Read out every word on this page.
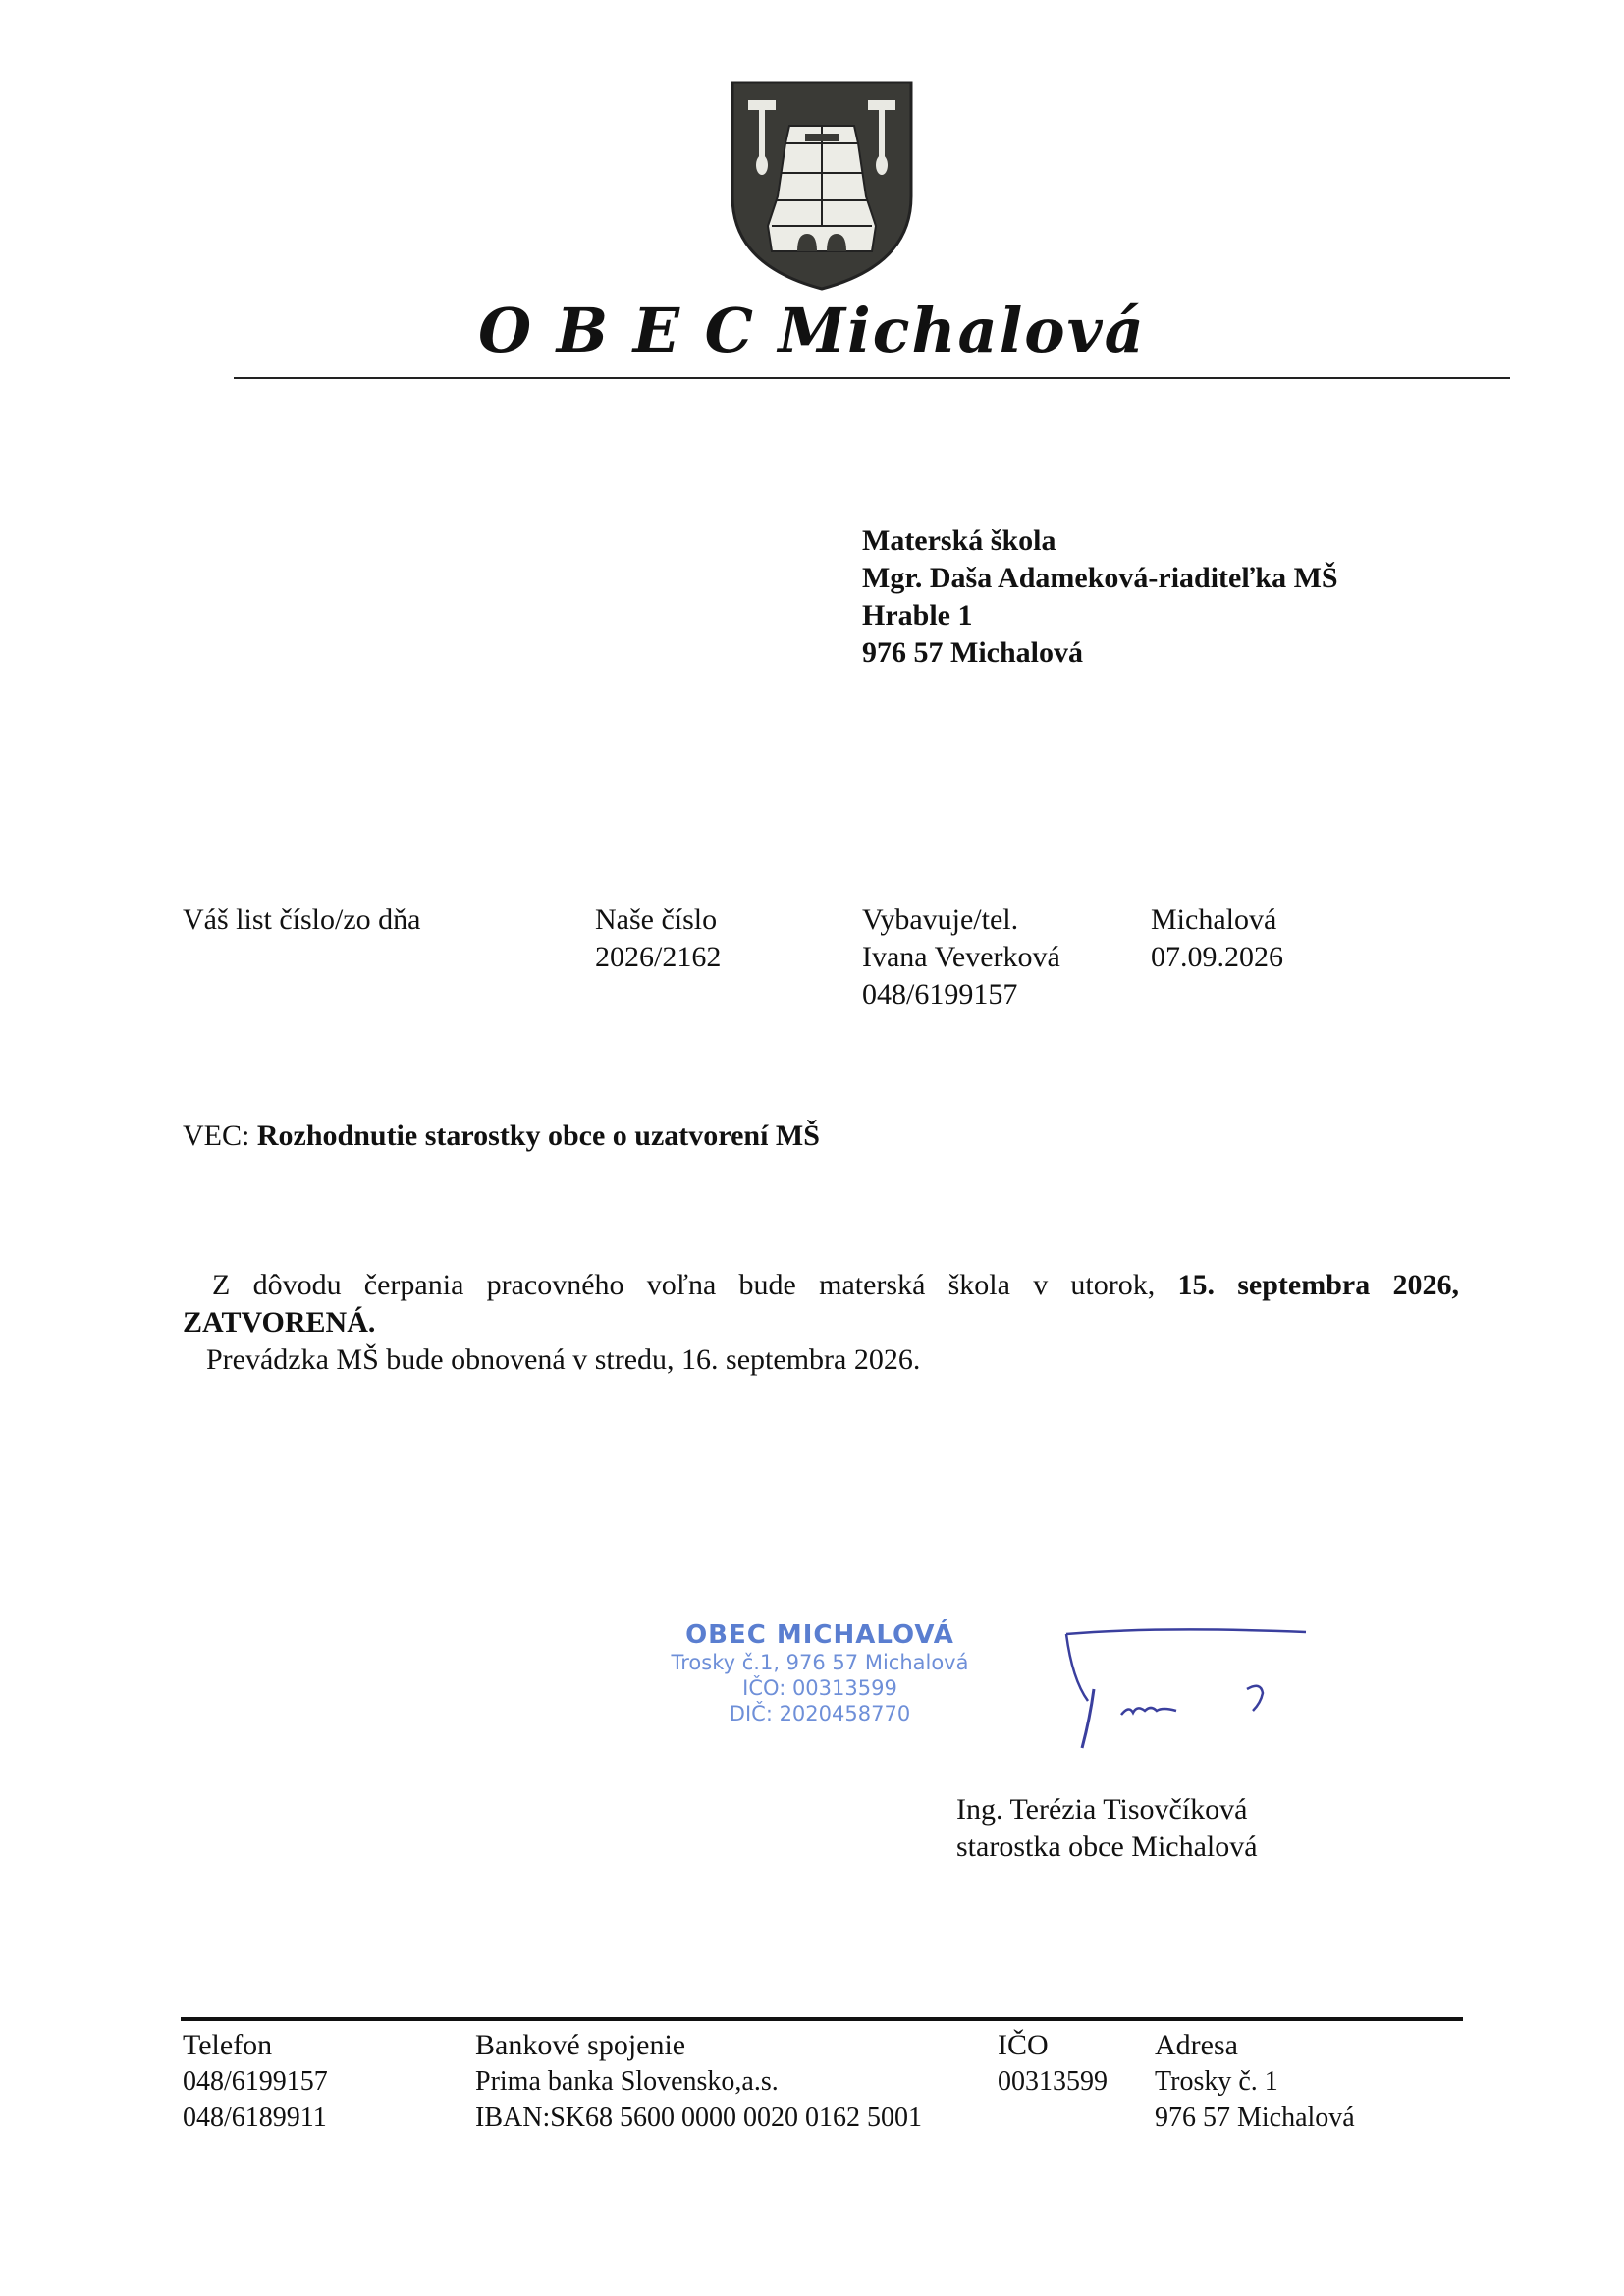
O B E C Michalová
Materská škola
Mgr. Daša Adameková-riaditeľka MŠ
Hrable 1
976 57 Michalová
Váš list číslo/zo dňa	Naše číslo
2026/2162
Vybavuje/tel.
Ivana Veverková
048/6199157
Michalová
07.09.2026
VEC: Rozhodnutie starostky obce o uzatvorení MŠ
Z dôvodu čerpania pracovného voľna bude materská škola v utorok, 15. septembra 2026,
ZATVORENÁ.
Prevádzka MŠ bude obnovená v stredu, 16. septembra 2026.
OBEC MICHALOVÁ
Trosky č.1, 976 57 Michalová
IČO: 00313599
DIČ: 2020458770
Ing. Terézia Tisovčíková
starostka obce Michalová
Telefon
048/6199157
048/6189911
Bankové spojenie
Prima banka Slovensko,a.s.
IBAN:SK68 5600 0000 0020 0162 5001
IČO
00313599
Adresa
Trosky č. 1
976 57 Michalová
